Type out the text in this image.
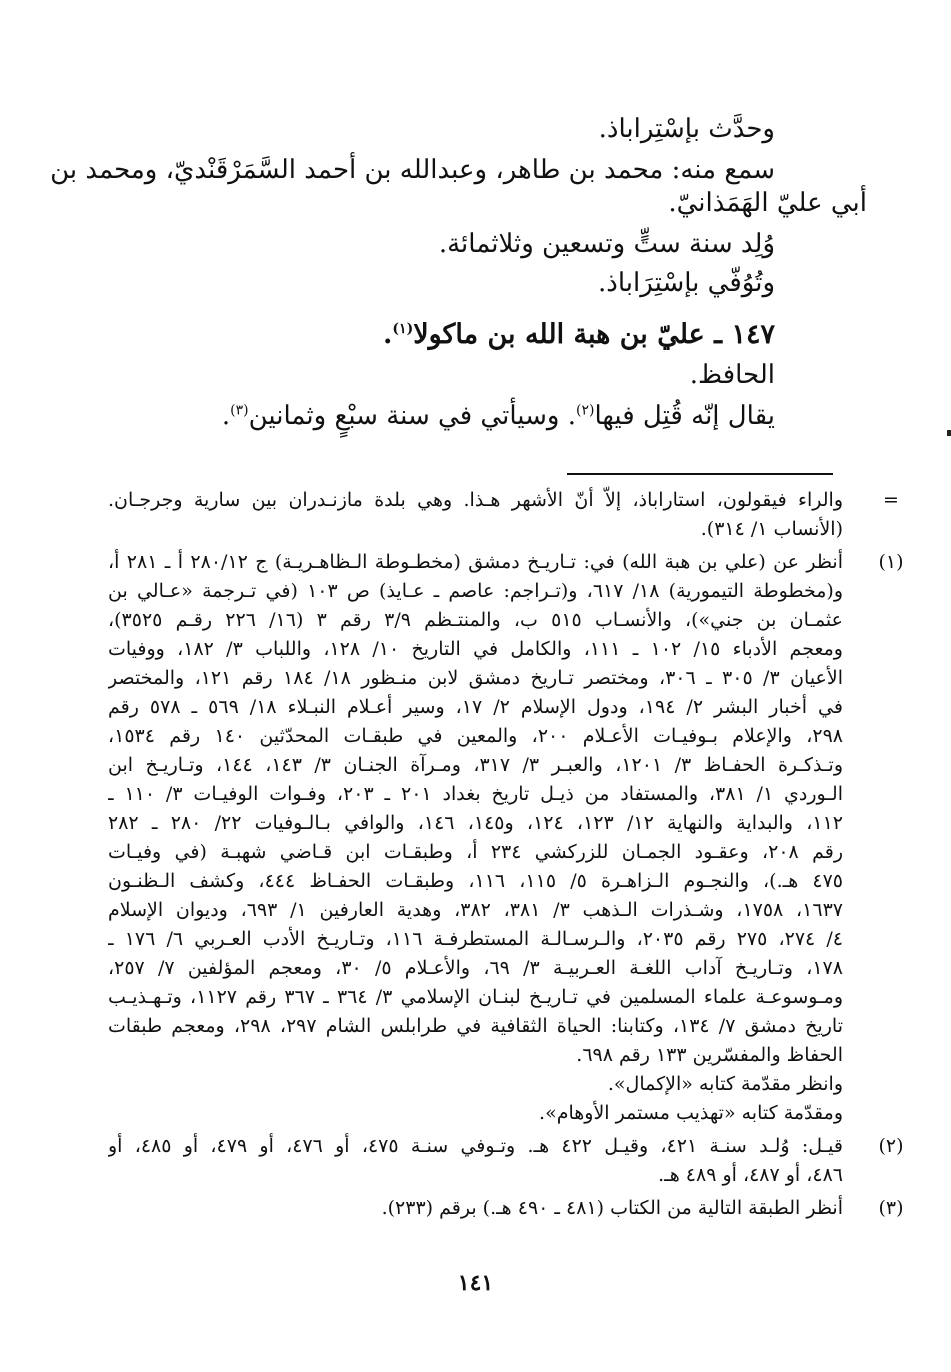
وحدَّث بإسْتِراباذ.
سمع منه: محمد بن طاهر، وعبدالله بن أحمد السَّمَرْقَنْديّ، ومحمد بن
أبي عليّ الهَمَذانيّ.
وُلِد سنة ستٍّ وتسعين وثلاثمائة.
وتُوُفّي بإسْتِرَاباذ.
١٤٧ ـ عليّ بن هبة الله بن ماكولا$^{(١)}$.
الحافظ.
يقال إنّه قُتِل فيها$^{(٢)}$. وسيأتي في سنة سبْعٍ وثمانين$^{(٣)}$.
=
والراء فيقولون، استاراباذ، إلاّ أنّ الأشهر هـذا. وهي بلدة مازنـدران بين سارية وجرجـان.
(الأنساب ١/ ٣١٤).
(١)
أنظر عن (علي بن هبة الله) في: تـاريـخ دمشق (مخطـوطة الـظاهـريـة) ج ٢٨٠/١٢ أ ـ ٢٨١ أ،
و(مخطوطة التيمورية) ١٨/ ٦١٧، و(تـراجم: عاصم ـ عـايذ) ص ١٠٣ (في تـرجمة «عـالي بن
عثمـان بن جني»)، والأنسـاب ٥١٥ ب، والمنتـظم ٣/٩ رقم ٣ (١٦/ ٢٢٦ رقـم ٣٥٢٥)،
ومعجم الأدباء ١٥/ ١٠٢ ـ ١١١، والكامل في التاريخ ١٠/ ١٢٨، واللباب ٣/ ١٨٢، ووفيات
الأعيان ٣/ ٣٠٥ ـ ٣٠٦، ومختصر تـاريخ دمشق لابن منـظور ١٨/ ١٨٤ رقم ١٢١، والمختصر
في أخبار البشر ٢/ ١٩٤، ودول الإسلام ٢/ ١٧، وسير أعـلام النبـلاء ١٨/ ٥٦٩ ـ ٥٧٨ رقم
٢٩٨، والإعلام بـوفيـات الأعـلام ٢٠٠، والمعين في طبقـات المحدّثين ١٤٠ رقم ١٥٣٤،
وتـذكـرة الحفـاظ ٣/ ١٢٠١، والعبـر ٣/ ٣١٧، ومـرآة الجنـان ٣/ ١٤٣، ١٤٤، وتـاريـخ ابن
الـوردي ١/ ٣٨١، والمستفاد من ذيـل تاريخ بغداد ٢٠١ ـ ٢٠٣، وفـوات الوفيـات ٣/ ١١٠ ـ
١١٢، والبداية والنهاية ١٢/ ١٢٣، ١٢٤، و١٤٥، ١٤٦، والوافي بـالـوفيات ٢٢/ ٢٨٠ ـ ٢٨٢
رقم ٢٠٨، وعقـود الجمـان للزركشي ٢٣٤ أ، وطبقـات ابن قـاضي شهبـة (في وفيـات
٤٧٥ هـ.)، والنجـوم الـزاهـرة ٥/ ١١٥، ١١٦، وطبقـات الحفـاظ ٤٤٤، وكشف الـظنـون
١٦٣٧، ١٧٥٨، وشـذرات الـذهب ٣/ ٣٨١، ٣٨٢، وهدية العارفين ١/ ٦٩٣، وديوان الإسلام
٤/ ٢٧٤، ٢٧٥ رقم ٢٠٣٥، والـرسـالـة المستطرفـة ١١٦، وتـاريـخ الأدب العـربي ٦/ ١٧٦ ـ
١٧٨، وتـاريـخ آداب اللغـة العـربيـة ٣/ ٦٩، والأعـلام ٥/ ٣٠، ومعجم المؤلفين ٧/ ٢٥٧،
ومـوسوعـة علماء المسلمين في تـاريـخ لبنـان الإسلامي ٣/ ٣٦٤ ـ ٣٦٧ رقم ١١٢٧، وتـهـذيـب
تاريخ دمشق ٧/ ١٣٤، وكتابنا: الحياة الثقافية في طرابلس الشام ٢٩٧، ٢٩٨، ومعجم طبقات
الحفاظ والمفسّرين ١٣٣ رقم ٦٩٨.
وانظر مقدّمة كتابه «الإكمال».
ومقدّمة كتابه «تهذيب مستمر الأوهام».
(٢)
قيـل: وُلـد سنـة ٤٢١، وقيـل ٤٢٢ هـ. وتـوفي سنـة ٤٧٥، أو ٤٧٦، أو ٤٧٩، أو ٤٨٥، أو
٤٨٦، أو ٤٨٧، أو ٤٨٩ هـ.
(٣)
أنظر الطبقة التالية من الكتاب (٤٨١ ـ ٤٩٠ هـ.) برقم (٢٣٣).
١٤١
